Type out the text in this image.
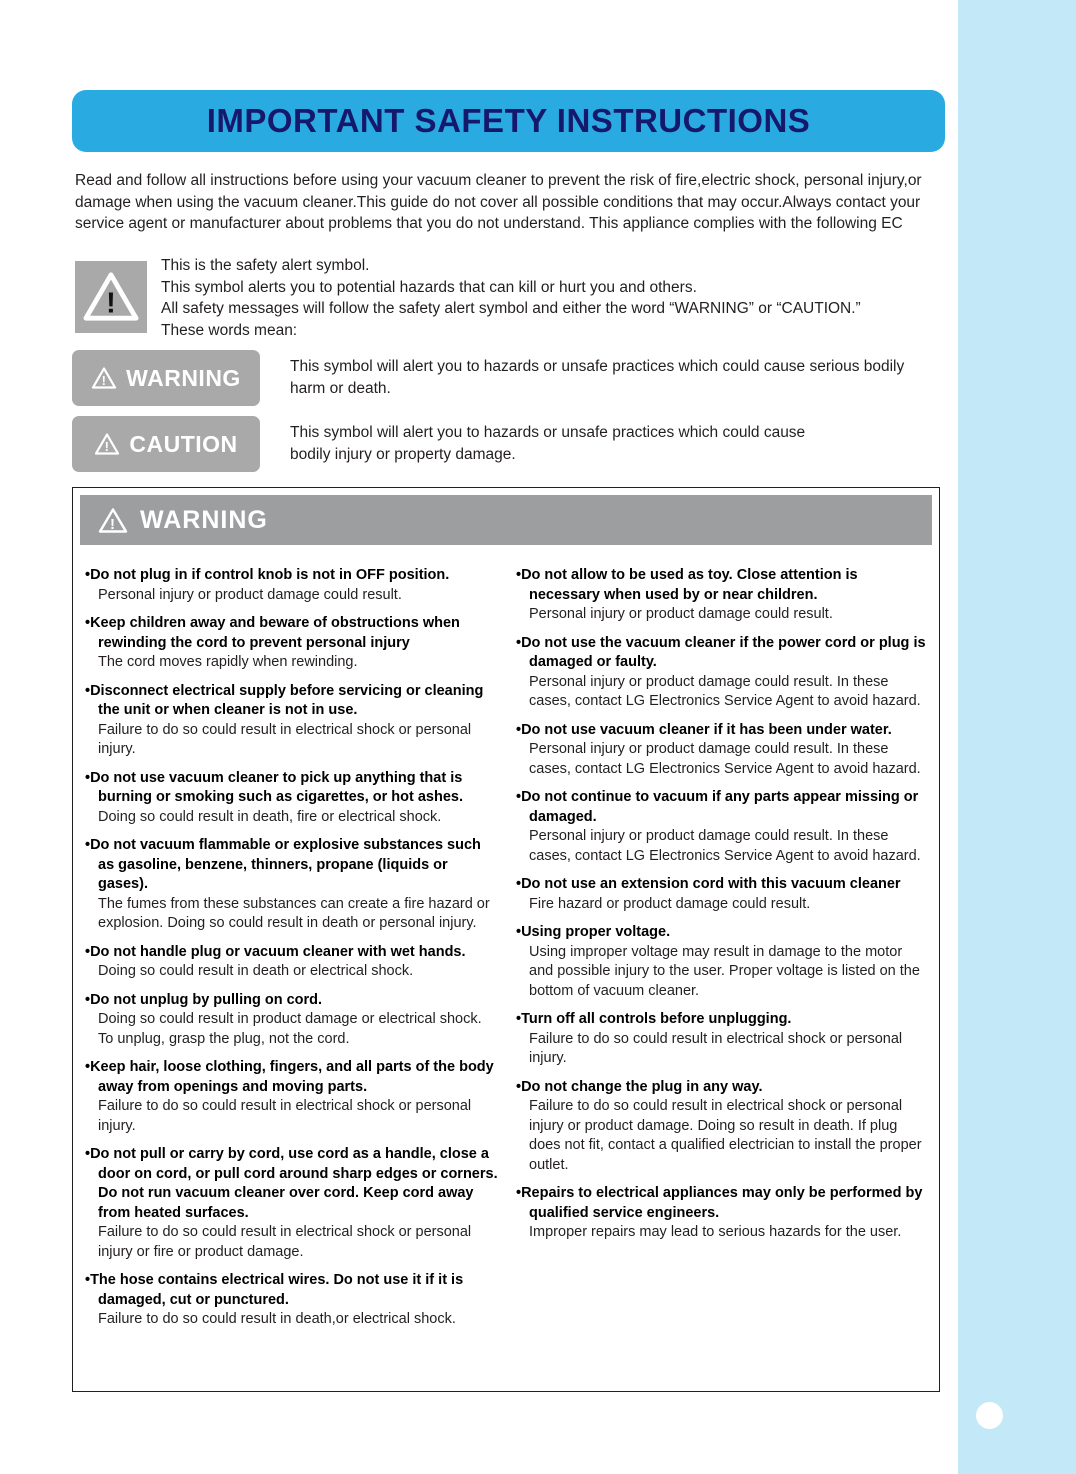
IMPORTANT SAFETY INSTRUCTIONS

Read and follow all instructions before using your vacuum cleaner to prevent the risk of fire,electric shock, personal injury,or damage when using the vacuum cleaner.This guide do not cover all possible conditions that may occur.Always contact your service agent or manufacturer about problems that you do not understand. This appliance complies with the following EC

!
This is the safety alert symbol.
This symbol alerts you to potential hazards that can kill or hurt you and others.
All safety messages will follow the safety alert symbol and either the word “WARNING” or “CAUTION.”
These words mean:
! WARNING	This symbol will alert you to hazards or unsafe practices which could cause serious bodily harm or death.

! CAUTION	This symbol will alert you to hazards or unsafe practices which could cause bodily injury or property damage.

! WARNING

• Do not plug in if control knob is not in OFF position.

Personal injury or product damage could result.

• Keep children away and beware of obstructions when rewinding the cord to prevent personal injury

The cord moves rapidly when rewinding.

• Disconnect electrical supply before servicing or cleaning the unit or when cleaner is not in use.

Failure to do so could result in electrical shock or personal injury.

• Do not use vacuum cleaner to pick up anything that is burning or smoking such as cigarettes, or hot ashes.

Doing so could result in death, fire or electrical shock.

• Do not vacuum flammable or explosive substances such as gasoline, benzene, thinners, propane (liquids or gases).

The fumes from these substances can create a fire hazard or explosion. Doing so could result in death or personal injury.

• Do not handle plug or vacuum cleaner with wet hands.

Doing so could result in death or electrical shock.

• Do not unplug by pulling on cord.

Doing so could result in product damage or electrical shock. To unplug, grasp the plug, not the cord.

• Keep hair, loose clothing, fingers, and all parts of the body away from openings and moving parts.

Failure to do so could result in electrical shock or personal injury.

• Do not pull or carry by cord, use cord as a handle, close a door on cord, or pull cord around sharp edges or corners. Do not run vacuum cleaner over cord. Keep cord away from heated surfaces.

Failure to do so could result in electrical shock or personal injury or fire or product damage.

• The hose contains electrical wires. Do not use it if it is damaged, cut or punctured.

Failure to do so could result in death,or electrical shock.

• Do not allow to be used as toy. Close attention is necessary when used by or near children.

Personal injury or product damage could result.

• Do not use the vacuum cleaner if the power cord or plug is damaged or faulty.

Personal injury or product damage could result. In these cases, contact LG Electronics Service Agent to avoid hazard.

• Do not use vacuum cleaner if it has been under water.

Personal injury or product damage could result. In these cases, contact LG Electronics Service Agent to avoid hazard.

• Do not continue to vacuum if any parts appear missing or damaged.

Personal injury or product damage could result. In these cases, contact LG Electronics Service Agent to avoid hazard.

• Do not use an extension cord with this vacuum cleaner

Fire hazard or product damage could result.

• Using proper voltage.

Using improper voltage may result in damage to the motor and possible injury to the user. Proper voltage is listed on the bottom of vacuum cleaner.

• Turn off all controls before unplugging.

Failure to do so could result in electrical shock or personal injury.

• Do not change the plug in any way.

Failure to do so could result in electrical shock or personal injury or product damage. Doing so result in death. If plug does not fit, contact a qualified electrician to install the proper outlet.

• Repairs to electrical appliances may only be performed by qualified service engineers.

Improper repairs may lead to serious hazards for the user.
